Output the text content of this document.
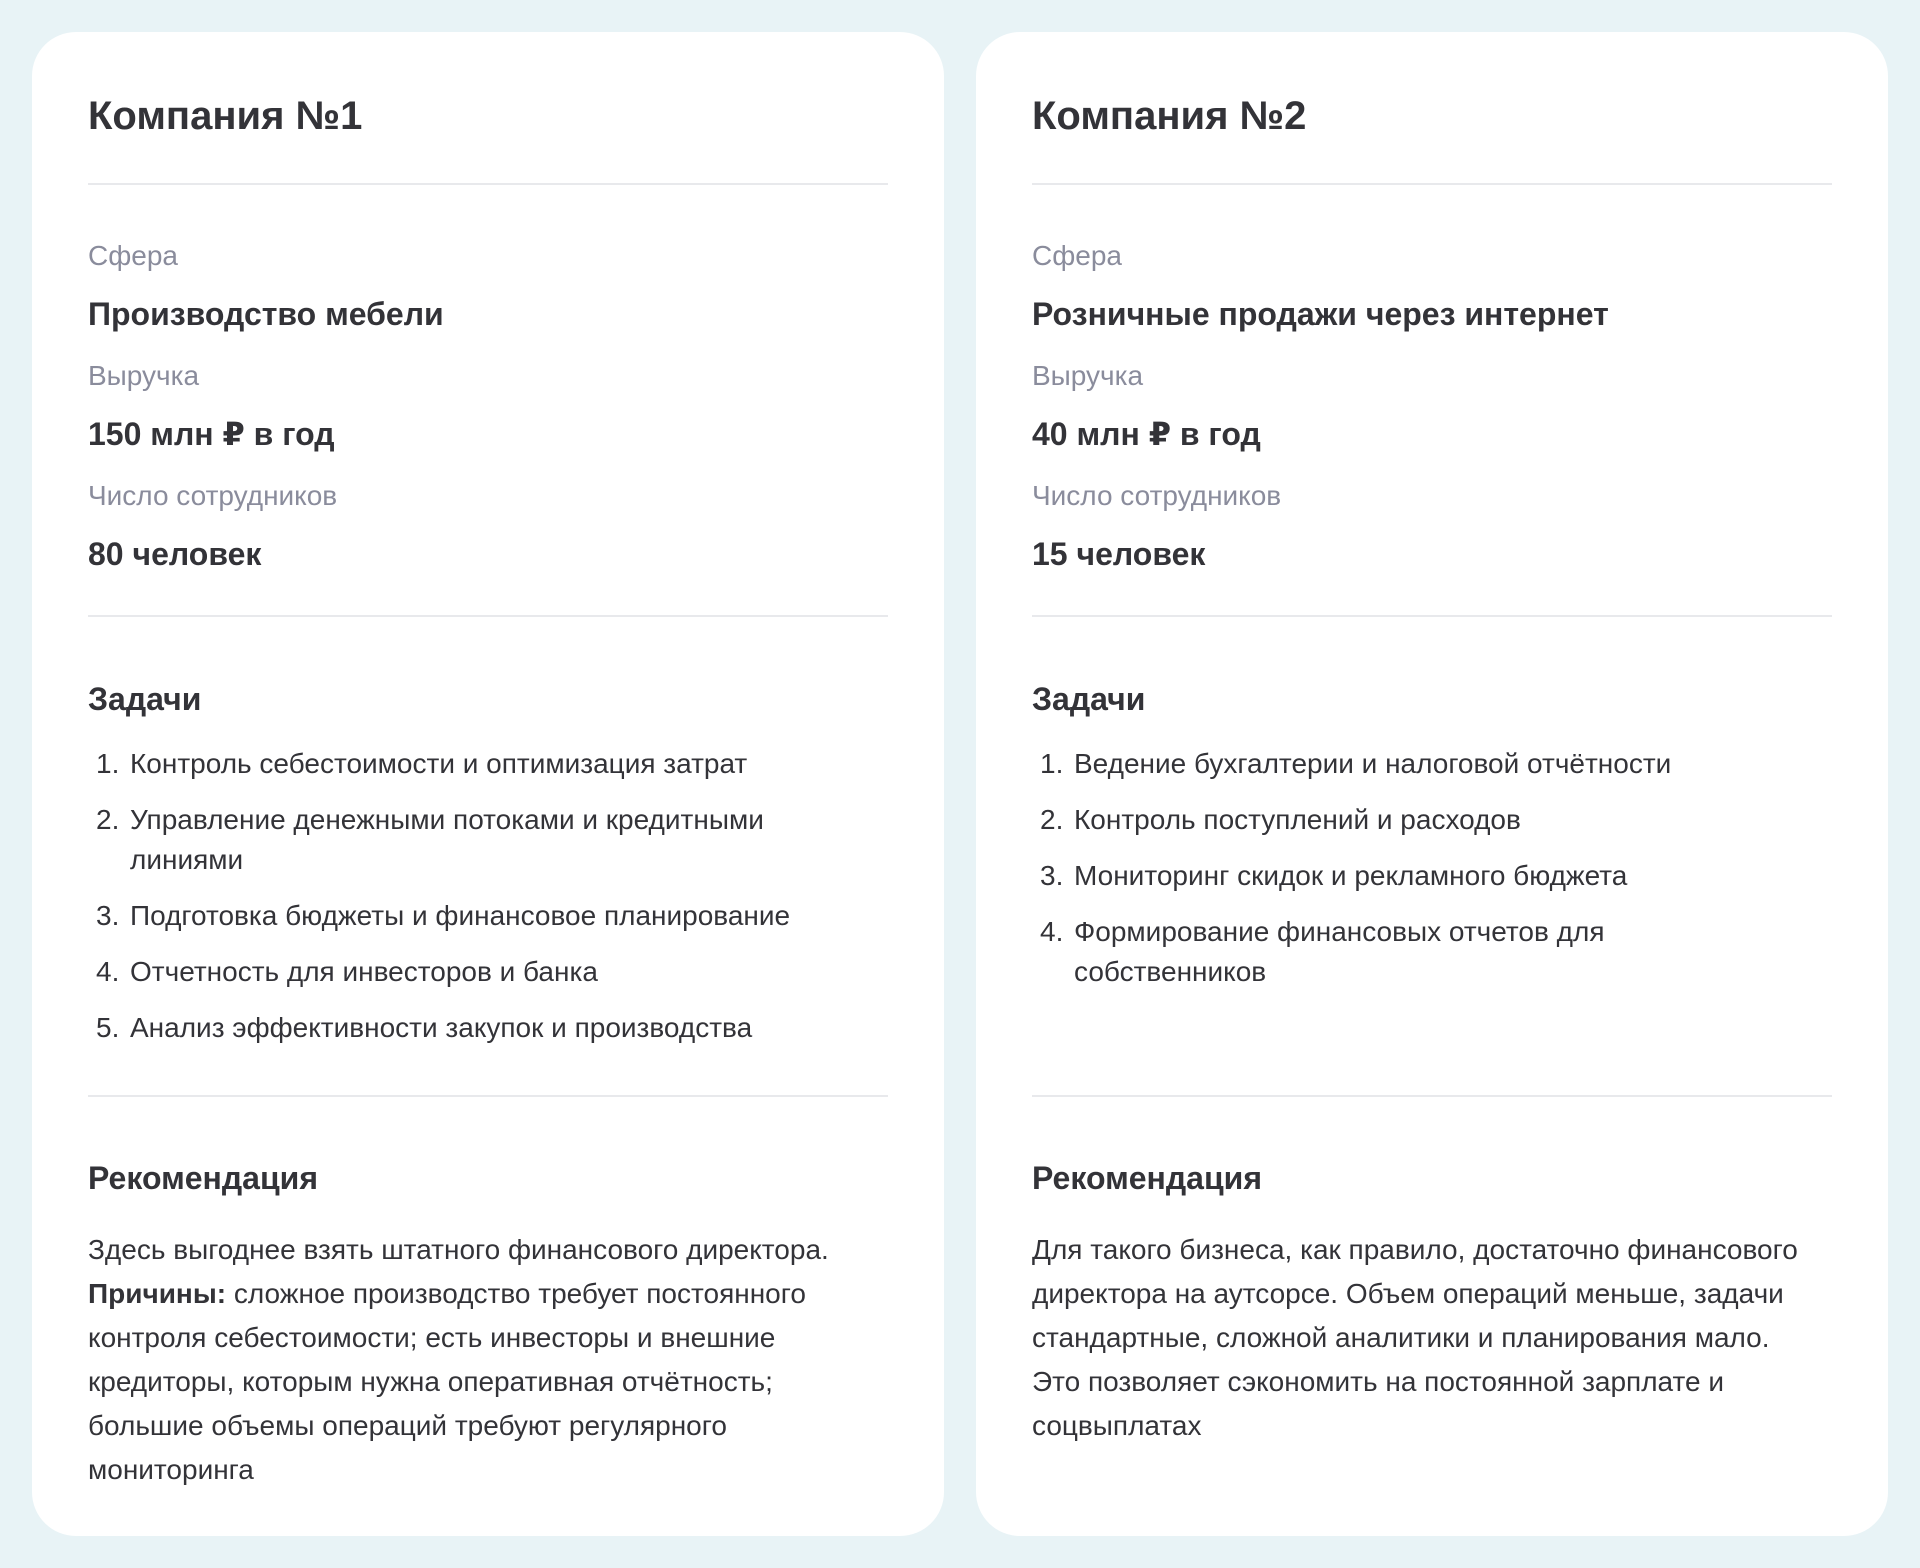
Компания №1
Сфера
Производство мебели
Выручка
150 млн ₽ в год
Число сотрудников
80 человек
Задачи
1. Контроль себестоимости и оптимизация затрат
2. Управление денежными потоками и кредитными линиями
3. Подготовка бюджеты и финансовое планирование
4. Отчетность для инвесторов и банка
5. Анализ эффективности закупок и производства
Рекомендация

Здесь выгоднее взять штатного финансового директора.
Причины: сложное производство требует постоянного контроля себестоимости; есть инвесторы и внешние кредиторы, которым нужна оперативная отчётность; большие объемы операций требуют регулярного мониторинга

Компания №2
Сфера
Розничные продажи через интернет
Выручка
40 млн ₽ в год
Число сотрудников
15 человек
Задачи
1. Ведение бухгалтерии и налоговой отчётности
2. Контроль поступлений и расходов
3. Мониторинг скидок и рекламного бюджета
4. Формирование финансовых отчетов для собственников
Рекомендация

Для такого бизнеса, как правило, достаточно финансового директора на аутсорсе. Объем операций меньше, задачи стандартные, сложной аналитики и планирования мало. Это позволяет сэкономить на постоянной зарплате и соцвыплатах
